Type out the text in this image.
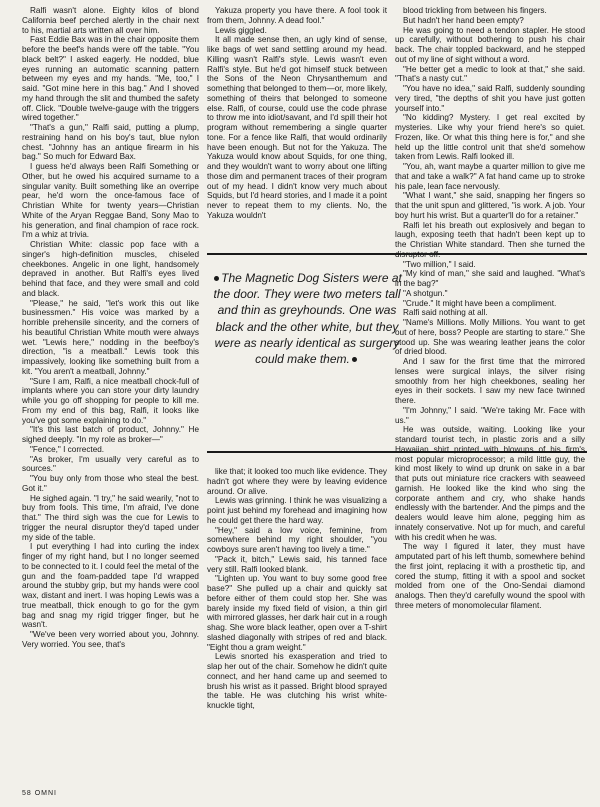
Ralfi wasn't alone. Eighty kilos of blond California beef perched alertly in the chair next to his, martial arts written all over him.

Fast Eddie Bax was in the chair opposite them before the beef's hands were off the table. "You black belt?" I asked eagerly. He nodded, blue eyes running an automatic scanning pattern between my eyes and my hands. "Me, too," I said. "Got mine here in this bag." And I shoved my hand through the slit and thumbed the safety off. Click. "Double twelve-gauge with the triggers wired together."

"That's a gun," Ralfi said, putting a plump, restraining hand on his boy's taut, blue nylon chest. "Johnny has an antique firearm in his bag." So much for Edward Bax.

I guess he'd always been Ralfi Something or Other, but he owed his acquired surname to a singular vanity. Built something like an overripe pear, he'd worn the once-famous face of Christian White for twenty years—Christian White of the Aryan Reggae Band, Sony Mao to his generation, and final champion of race rock. I'm a whiz at trivia.

Christian White: classic pop face with a singer's high-definition muscles, chiseled cheekbones. Angelic in one light, handsomely depraved in another. But Ralfi's eyes lived behind that face, and they were small and cold and black.

"Please," he said, "let's work this out like businessmen." His voice was marked by a horrible prehensile sincerity, and the corners of his beautiful Christian White mouth were always wet. "Lewis here," nodding in the beefboy's direction, "is a meatball." Lewis took this impassively, looking like something built from a kit. "You aren't a meatball, Johnny."

"Sure I am, Ralfi, a nice meatball chock-full of implants where you can store your dirty laundry while you go off shopping for people to kill me. From my end of this bag, Ralfi, it looks like you've got some explaining to do."

"It's this last batch of product, Johnny." He sighed deeply. "In my role as broker—"

"Fence," I corrected.

"As broker, I'm usually very careful as to sources."

"You buy only from those who steal the best. Got it."

He sighed again. "I try," he said wearily, "not to buy from fools. This time, I'm afraid, I've done that." The third sigh was the cue for Lewis to trigger the neural disruptor they'd taped under my side of the table.

I put everything I had into curling the index finger of my right hand, but I no longer seemed to be connected to it. I could feel the metal of the gun and the foam-padded tape I'd wrapped around the stubby grip, but my hands were cool wax, distant and inert. I was hoping Lewis was a true meatball, thick enough to go for the gym bag and snag my rigid trigger finger, but he wasn't.

"We've been very worried about you, Johnny. Very worried. You see, that's

Yakuza property you have there. A fool took it from them, Johnny. A dead fool."

Lewis giggled.

It all made sense then, an ugly kind of sense, like bags of wet sand settling around my head. Killing wasn't Ralfi's style. Lewis wasn't even Ralfi's style. But he'd got himself stuck between the Sons of the Neon Chrysanthemum and something that belonged to them—or, more likely, something of theirs that belonged to someone else. Ralfi, of course, could use the code phrase to throw me into idiot/savant, and I'd spill their hot program without remembering a single quarter tone. For a fence like Ralfi, that would ordinarily have been enough. But not for the Yakuza. The Yakuza would know about Squids, for one thing, and they wouldn't want to worry about one lifting those dim and permanent traces of their program out of my head. I didn't know very much about Squids, but I'd heard stories, and I made it a point never to repeat them to my clients. No, the Yakuza wouldn't

The Magnetic Dog Sisters were at the door. They were two meters tall and thin as greyhounds. One was black and the other white, but they were as nearly identical as surgery could make them.

like that; it looked too much like evidence. They hadn't got where they were by leaving evidence around. Or alive.

Lewis was grinning. I think he was visualizing a point just behind my forehead and imagining how he could get there the hard way.

"Hey," said a low voice, feminine, from somewhere behind my right shoulder, "you cowboys sure aren't having too lively a time."

"Pack it, bitch," Lewis said, his tanned face very still. Ralfi looked blank.

"Lighten up. You want to buy some good free base?" She pulled up a chair and quickly sat before either of them could stop her. She was barely inside my fixed field of vision, a thin girl with mirrored glasses, her dark hair cut in a rough shag. She wore black leather, open over a T-shirt slashed diagonally with stripes of red and black. "Eight thou a gram weight."

Lewis snorted his exasperation and tried to slap her out of the chair. Somehow he didn't quite connect, and her hand came up and seemed to brush his wrist as it passed. Bright blood sprayed the table. He was clutching his wrist white-knuckle tight,

blood trickling from between his fingers.

But hadn't her hand been empty?

He was going to need a tendon stapler. He stood up carefully, without bothering to push his chair back. The chair toppled backward, and he stepped out of my line of sight without a word.

"He better get a medic to look at that," she said. "That's a nasty cut."

"You have no idea," said Ralfi, suddenly sounding very tired, "the depths of shit you have just gotten yourself into."

"No kidding? Mystery. I get real excited by mysteries. Like why your friend here's so quiet. Frozen, like. Or what this thing here is for," and she held up the little control unit that she'd somehow taken from Lewis. Ralfi looked ill.

"You, ah, want maybe a quarter million to give me that and take a walk?" A fat hand came up to stroke his pale, lean face nervously.

"What I want," she said, snapping her fingers so that the unit spun and glittered, "is work. A job. Your boy hurt his wrist. But a quarter'll do for a retainer."

Ralfi let his breath out explosively and began to laugh, exposing teeth that hadn't been kept up to the Christian White standard. Then she turned the disruptor off.

"Two million," I said.

"My kind of man," she said and laughed. "What's in the bag?"

"A shotgun."

"Crude." It might have been a compliment.

Ralfi said nothing at all.

"Name's Millions. Molly Millions. You want to get out of here, boss? People are starting to stare." She stood up. She was wearing leather jeans the color of dried blood.

And I saw for the first time that the mirrored lenses were surgical inlays, the silver rising smoothly from her high cheekbones, sealing her eyes in their sockets. I saw my new face twinned there.

"I'm Johnny," I said. "We're taking Mr. Face with us."

He was outside, waiting. Looking like your standard tourist tech, in plastic zoris and a silly Hawaiian shirt printed with blowups of his firm's most popular microprocessor; a mild little guy, the kind most likely to wind up drunk on sake in a bar that puts out miniature rice crackers with seaweed garnish. He looked like the kind who sing the corporate anthem and cry, who shake hands endlessly with the bartender. And the pimps and the dealers would leave him alone, pegging him as innately conservative. Not up for much, and careful with his credit when he was.

The way I figured it later, they must have amputated part of his left thumb, somewhere behind the first joint, replacing it with a prosthetic tip, and cored the stump, fitting it with a spool and socket molded from one of the Ono-Sendai diamond analogs. Then they'd carefully wound the spool with three meters of monomolecular filament.

58 OMNI
